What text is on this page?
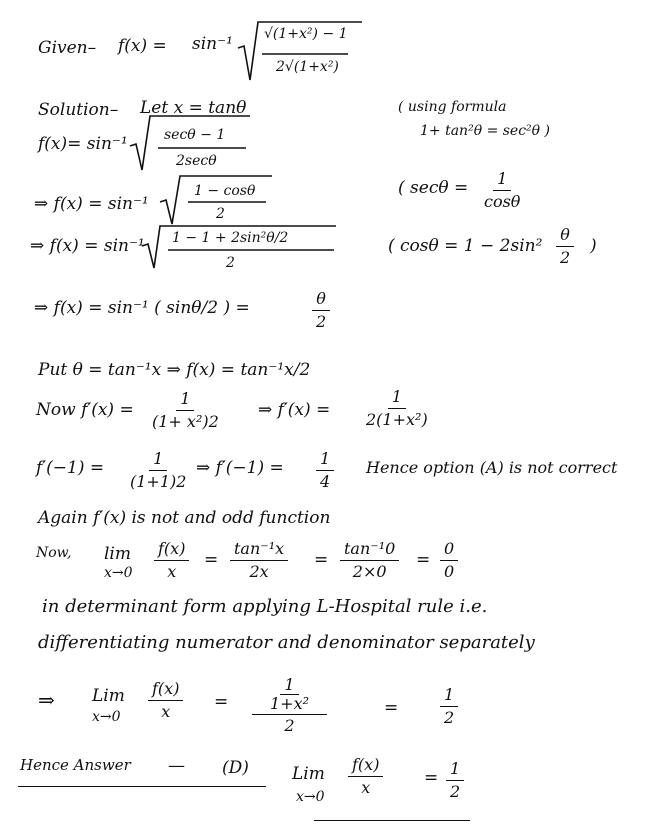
Given– f(x) = sin⁻¹ √(1+x²) − 1
2√(1+x²)
Solution– Let x = tanθ
f(x)= sin⁻¹	secθ − 1
2secθ
⇒ f(x) = sin⁻¹
1 − cosθ
2
⇒ f(x) = sin⁻¹ 1 − 1 + 2sin²θ/2
2
⇒ f(x) = sin⁻¹ ( sinθ/2 ) =	$\frac{\theta}{2}$
( using formula
1+ tan²θ = sec²θ )
( $\sec\theta = \frac{1}{\cos\theta}$
( $\cos\theta = 1 - 2\sin^2 \frac{\theta}{2}$ )
Put θ = tan⁻¹x ⇒ f(x) = tan⁻¹x/2
Now $f'(x) = \frac{1}{\text{(1+ x²)2}}$ ⇒ $f'(x) = \frac{1}{\text{2(1+x²)}}$
$f'(-1) = \frac{1}{(1+1)2}$ ⇒ $f'(-1) = \frac{1}{4}$ Hence option (A) is not correct
Again f′(x) is not and odd function
Now, lim
$x\to 0 \frac{f(x)}{x} = \frac{\text{tan⁻¹x}}{2x} = \frac{\text{tan⁻¹0}}{2\times 0} = \frac{0}{0}$
in determinant form applying L-Hospital rule i.e.
differentiating numerator and denominator separately
⇒ Lim
$x\to 0 \frac{f(x)}{x} = 1$
1+x²
2	=	$\frac{1}{2}$
Hence Answer — (D)	Lim
x→0
$\frac{f(x)}{x} = \frac{1}{2}$
